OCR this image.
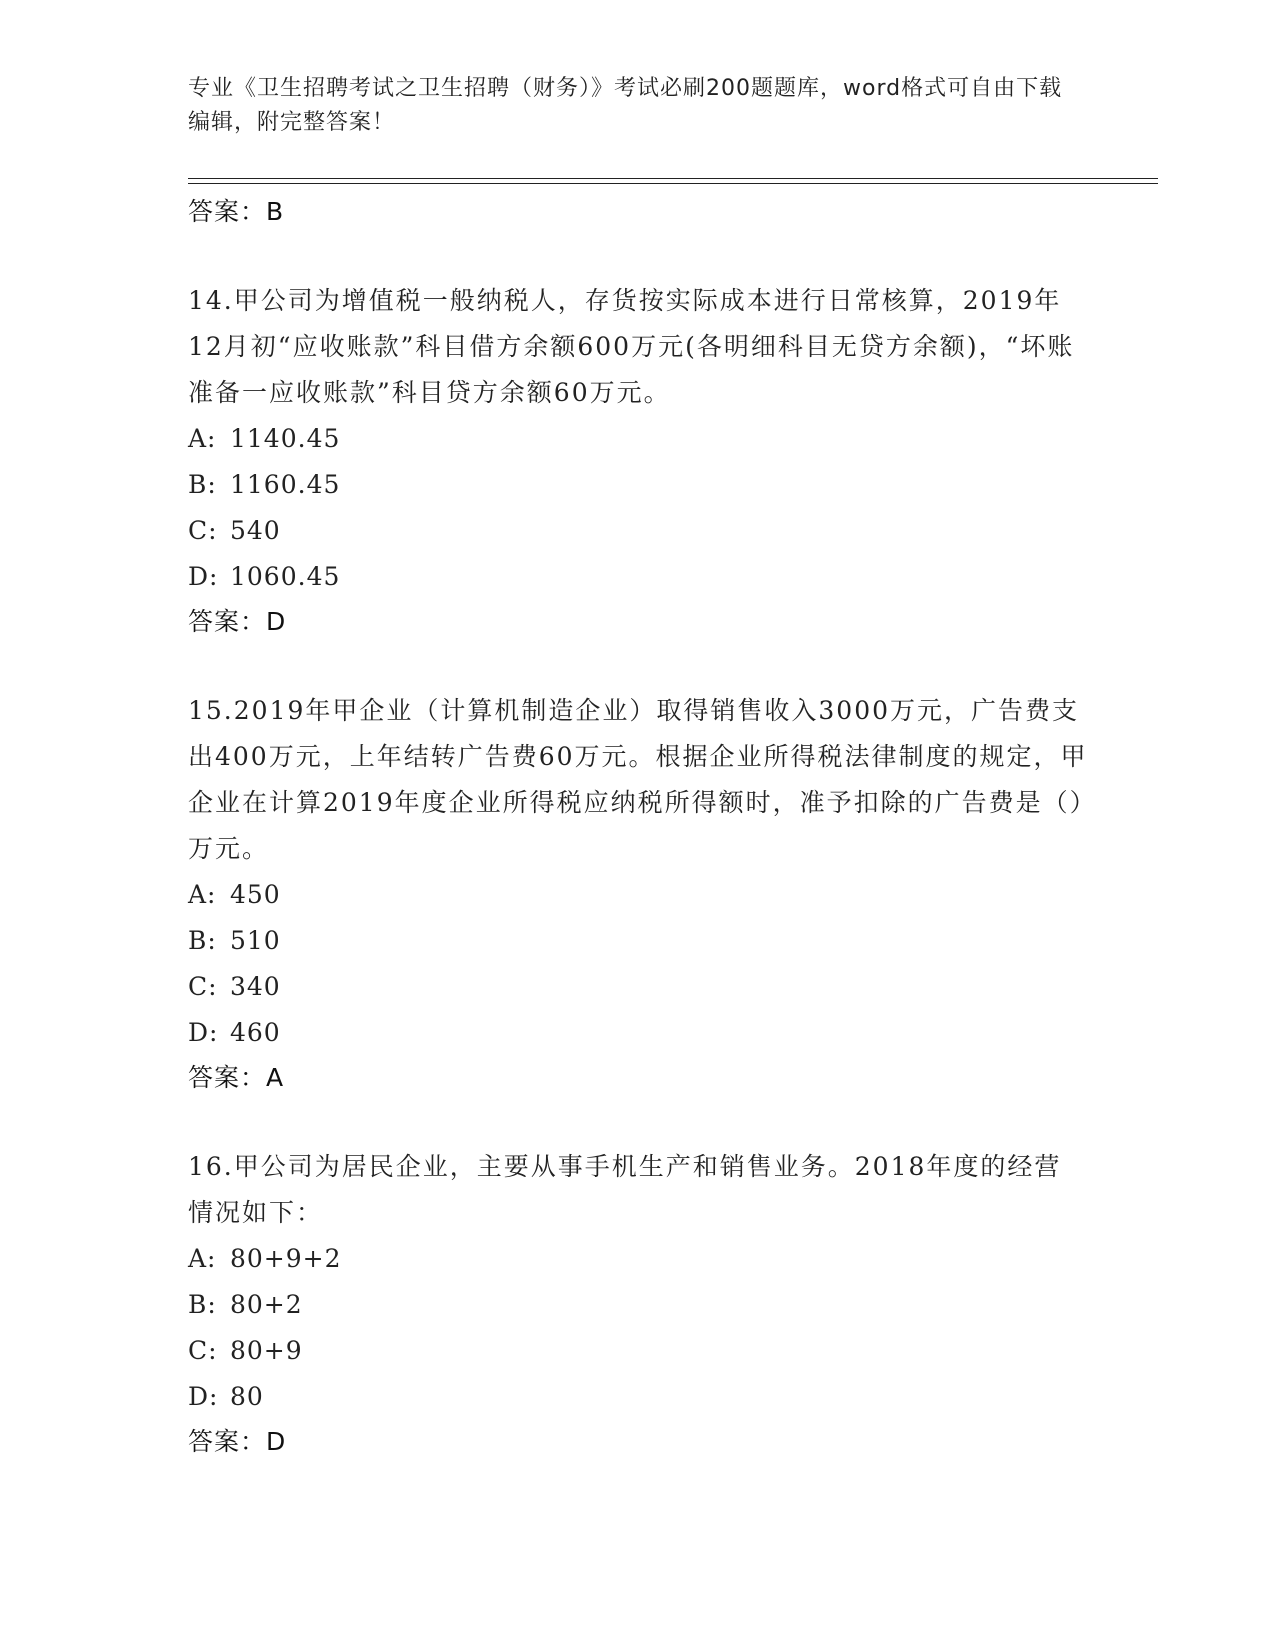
专业《卫生招聘考试之卫生招聘（财务）》考试必刷200题题库，word格式可自由下载编辑，附完整答案！
答案：B
14.甲公司为增值税一般纳税人，存货按实际成本进行日常核算，2019年12月初“应收账款”科目借方余额600万元(各明细科目无贷方余额)，“坏账准备一应收账款”科目贷方余额60万元。
A: 1140.45
B: 1160.45
C: 540
D: 1060.45
答案：D
15.2019年甲企业（计算机制造企业）取得销售收入3000万元，广告费支出400万元，上年结转广告费60万元。根据企业所得税法律制度的规定，甲企业在计算2019年度企业所得税应纳税所得额时，准予扣除的广告费是（）万元。
A: 450
B: 510
C: 340
D: 460
答案：A
16.甲公司为居民企业，主要从事手机生产和销售业务。2018年度的经营情况如下：
A: 80+9+2
B: 80+2
C: 80+9
D: 80
答案：D
